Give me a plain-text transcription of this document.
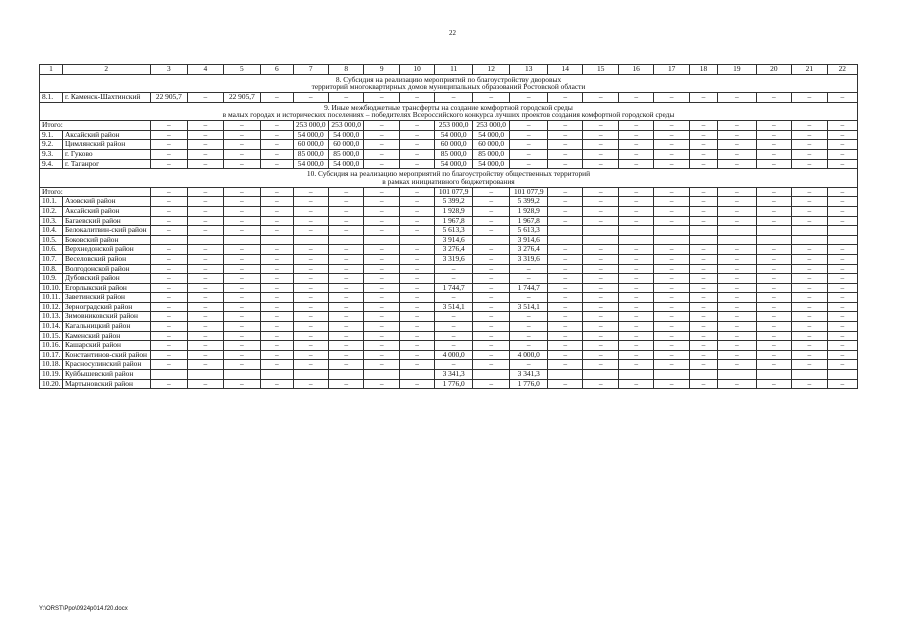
22
1	2	3	4	5	6	7	8	9	10	11	12	13	14	15	16	17	18	19	20	21	22

8. Субсидия на реализацию мероприятий по благоустройству дворовых
территорий многоквартирных домов муниципальных образований Ростовской области																					

8.1.	г. Каменск-Шахтинский	22 905,7	–	22 905,7	–	–	–	–	–	–	–	–	–	–	–	–	–	–	–	–	–

9. Иные межбюджетные трансферты на создание комфортной городской среды
в малых городах и исторических поселениях – победителях Всероссийского конкурса лучших проектов создания комфортной городской среды																					

Итого:		–	–	–	–	253 000,0	253 000,0	–	–	253 000,0	253 000,0	–	–	–	–	–	–	–	–	–	–
9.1.	Аксайский район	–	–	–	–	54 000,0	54 000,0	–	–	54 000,0	54 000,0	–	–	–	–	–	–	–	–	–	–
9.2.	Цимлянский район	–	–	–	–	60 000,0	60 000,0	–	–	60 000,0	60 000,0	–	–	–	–	–	–	–	–	–	–
9.3.	г. Гуково	–	–	–	–	85 000,0	85 000,0	–	–	85 000,0	85 000,0	–	–	–	–	–	–	–	–	–	–
9.4.	г. Таганрог	–	–	–	–	54 000,0	54 000,0	–	–	54 000,0	54 000,0	–	–	–	–	–	–	–	–	–	–

10. Субсидия на реализацию мероприятий по благоустройству общественных территорий
в рамках инициативного бюджетирования																					

Итого:		–	–	–	–	–	–	–	–	101 077,9	–	101 077,9	–	–	–	–	–	–	–	–	–
10.1.	Азовский район	–	–	–	–	–	–	–	–	5 399,2	–	5 399,2	–	–	–	–	–	–	–	–	–
10.2.	Аксайский район	–	–	–	–	–	–	–	–	1 928,9	–	1 928,9	–	–	–	–	–	–	–	–	–
10.3.	Багаевский район	–	–	–	–	–	–	–	–	1 967,8	–	1 967,8	–	–	–	–	–	–	–	–	–
10.4.	Белокалитвин-ский район	–	–	–	–	–	–	–	–	5 613,3	–	5 613,3									
10.5.	Боковский район									3 914,6		3 914,6									
10.6.	Верхнедонской район	–	–	–	–	–	–	–	–	3 276,4	–	3 276,4	–	–	–	–	–	–	–	–	–
10.7.	Веселовский район	–	–	–	–	–	–	–	–	3 319,6	–	3 319,6	–	–	–	–	–	–	–	–	–
10.8.	Волгодонской район	–	–	–	–	–	–	–	–	–	–	–	–	–	–	–	–	–	–	–	–
10.9.	Дубовский район	–	–	–	–	–	–	–	–	–	–	–	–	–	–	–	–	–	–	–	–
10.10.	Егорлыкский район	–	–	–	–	–	–	–	–	1 744,7	–	1 744,7	–	–	–	–	–	–	–	–	–
10.11.	Заветинский район	–	–	–	–	–	–	–	–	–	–	–	–	–	–	–	–	–	–	–	–
10.12.	Зерноградский район	–	–	–	–	–	–	–	–	3 514,1	–	3 514,1	–	–	–	–	–	–	–	–	–
10.13.	Зимовниковский район	–	–	–	–	–	–	–	–	–	–	–	–	–	–	–	–	–	–	–	–
10.14.	Кагальницкий район	–	–	–	–	–	–	–	–	–	–	–	–	–	–	–	–	–	–	–	–
10.15.	Каменский район	–	–	–	–	–	–	–	–	–	–	–	–	–	–	–	–	–	–	–	–
10.16.	Кашарский район	–	–	–	–	–	–	–	–	–	–	–	–	–	–	–	–	–	–	–	–
10.17.	Константинов-ский район	–	–	–	–	–	–	–	–	4 000,0	–	4 000,0	–	–	–	–	–	–	–	–	–
10.18.	Красносулинский район	–	–	–	–	–	–	–	–	–	–	–	–	–	–	–	–	–	–	–	–
10.19.	Куйбышевский район									3 341,3		3 341,3									
10.20.	Мартыновский район	–	–	–	–	–	–	–	–	1 776,0	–	1 776,0	–	–	–	–	–	–	–	–	–
Y:\ORST\Ppo\0924p014.f20.docx
